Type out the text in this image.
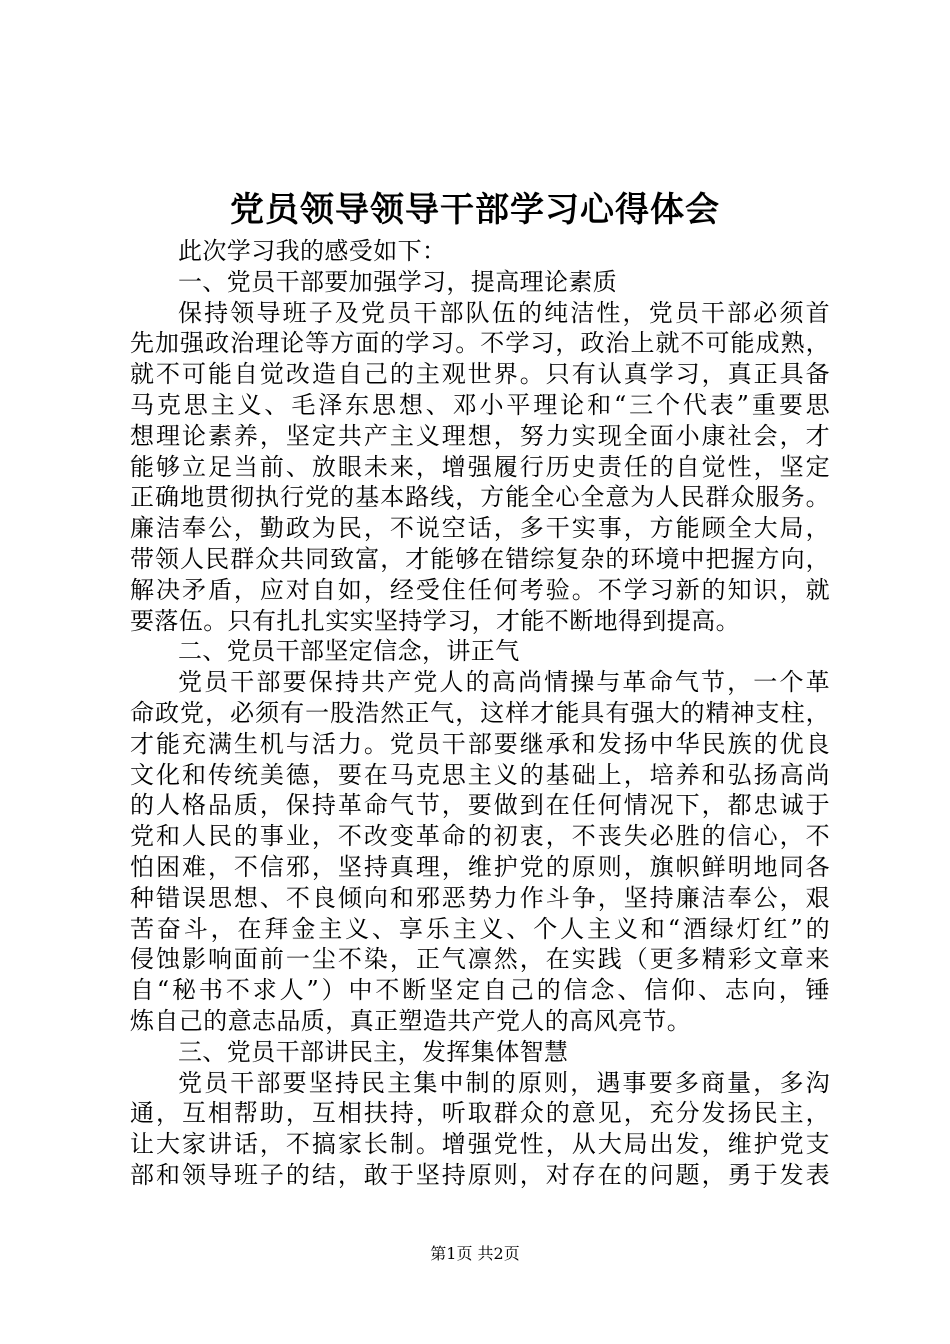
党员领导领导干部学习心得体会
此次学习我的感受如下：
一、党员干部要加强学习，提高理论素质
保持领导班子及党员干部队伍的纯洁性，党员干部必须首
先加强政治理论等方面的学习。不学习，政治上就不可能成熟，
就不可能自觉改造自己的主观世界。只有认真学习，真正具备
马克思主义、毛泽东思想、邓小平理论和“三个代表”重要思
想理论素养，坚定共产主义理想，努力实现全面小康社会，才
能够立足当前、放眼未来，增强履行历史责任的自觉性，坚定
正确地贯彻执行党的基本路线，方能全心全意为人民群众服务。
廉洁奉公，勤政为民，不说空话，多干实事，方能顾全大局，
带领人民群众共同致富，才能够在错综复杂的环境中把握方向，
解决矛盾，应对自如，经受住任何考验。不学习新的知识，就
要落伍。只有扎扎实实坚持学习，才能不断地得到提高。
二、党员干部坚定信念，讲正气
党员干部要保持共产党人的高尚情操与革命气节，一个革
命政党，必须有一股浩然正气，这样才能具有强大的精神支柱，
才能充满生机与活力。党员干部要继承和发扬中华民族的优良
文化和传统美德，要在马克思主义的基础上，培养和弘扬高尚
的人格品质，保持革命气节，要做到在任何情况下，都忠诚于
党和人民的事业，不改变革命的初衷，不丧失必胜的信心，不
怕困难，不信邪，坚持真理，维护党的原则，旗帜鲜明地同各
种错误思想、不良倾向和邪恶势力作斗争，坚持廉洁奉公，艰
苦奋斗，在拜金主义、享乐主义、个人主义和“酒绿灯红”的
侵蚀影响面前一尘不染，正气凛然，在实践（更多精彩文章来
自“秘书不求人”）中不断坚定自己的信念、信仰、志向，锤
炼自己的意志品质，真正塑造共产党人的高风亮节。
三、党员干部讲民主，发挥集体智慧
党员干部要坚持民主集中制的原则，遇事要多商量，多沟
通，互相帮助，互相扶持，听取群众的意见，充分发扬民主，
让大家讲话，不搞家长制。增强党性，从大局出发，维护党支
部和领导班子的结，敢于坚持原则，对存在的问题，勇于发表
第1页 共2页
